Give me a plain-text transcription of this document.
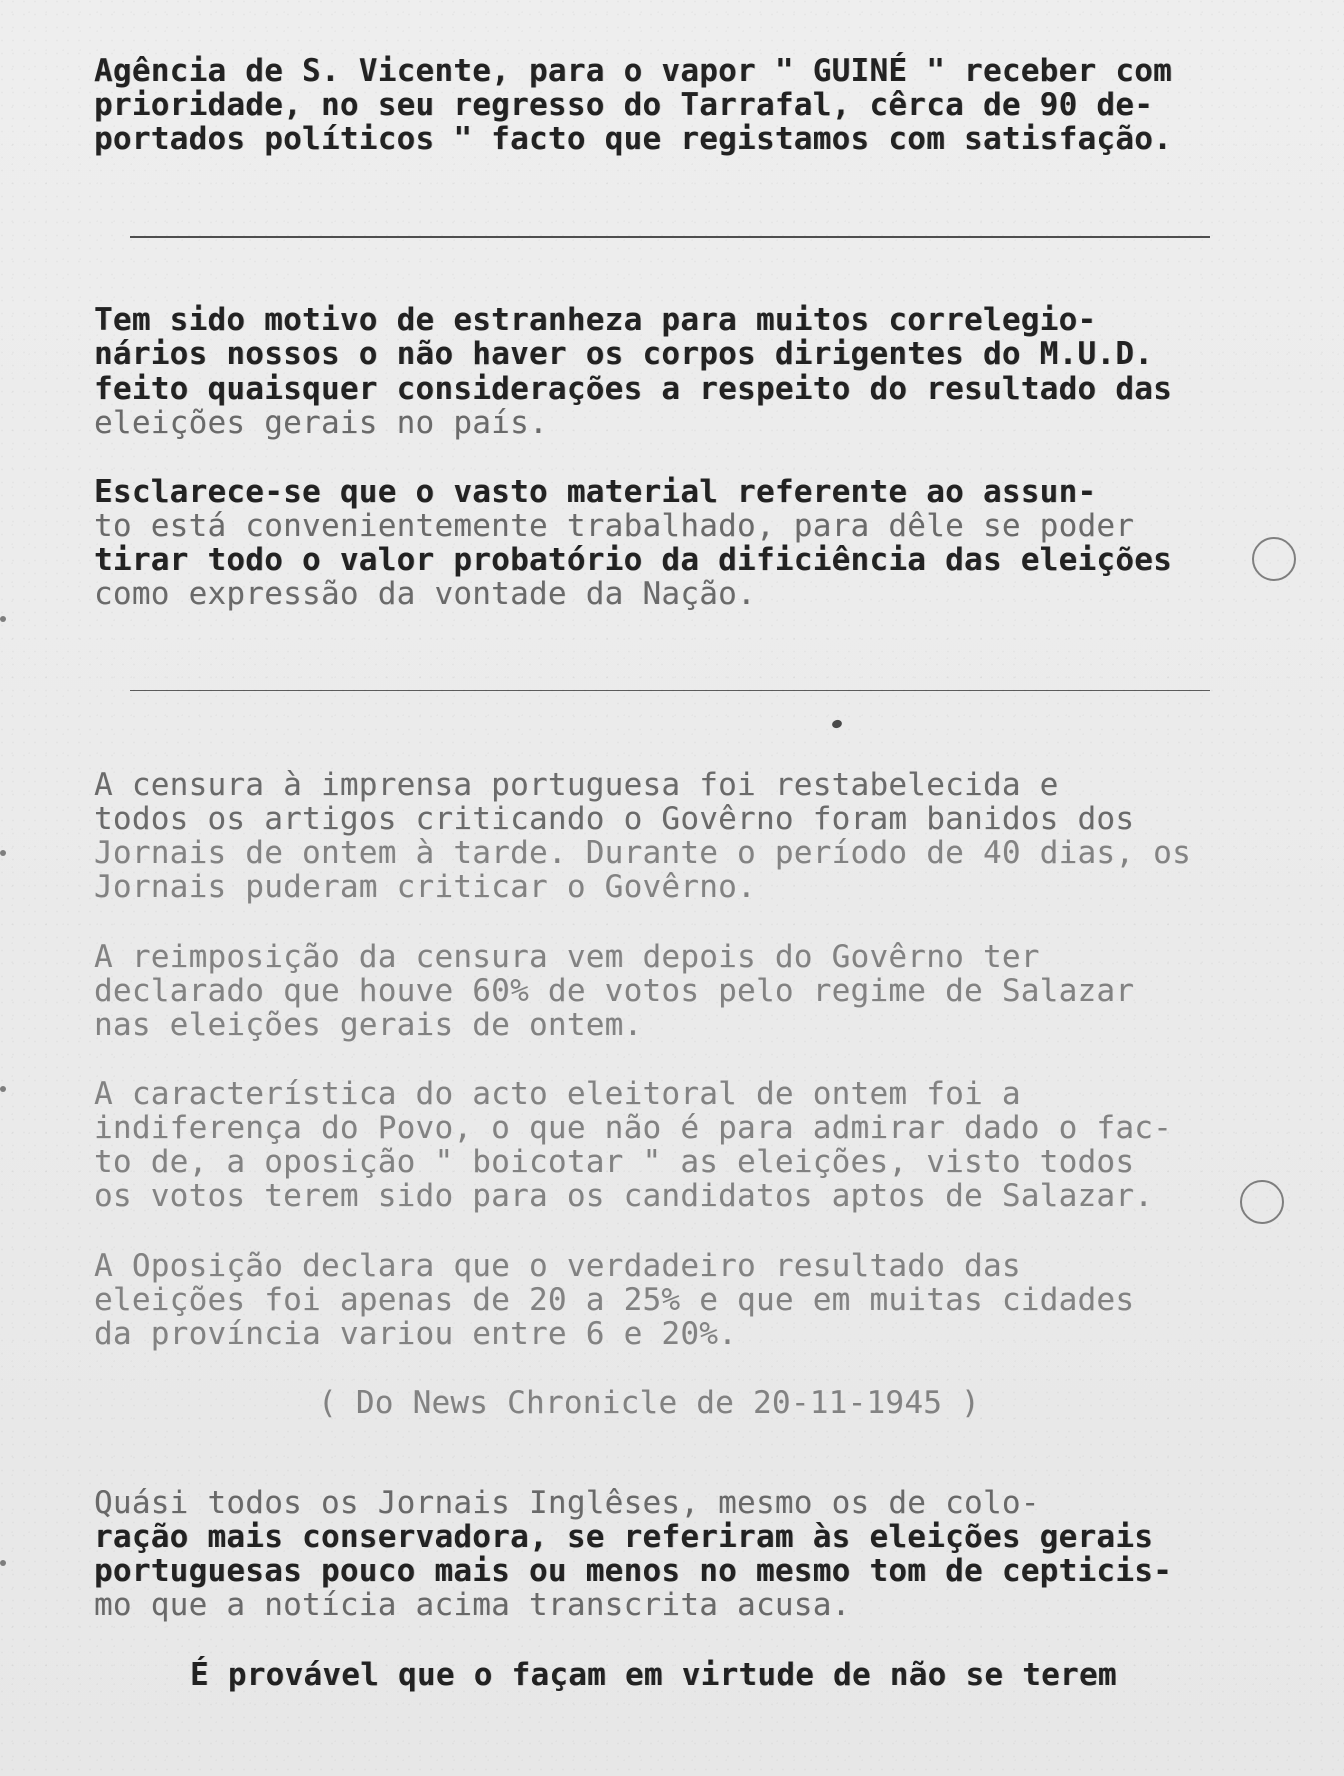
Agência de S. Vicente, para o vapor " GUINÉ " receber com
prioridade, no seu regresso do Tarrafal, cêrca de 90 de-
portados políticos " facto que registamos com satisfação.
Tem sido motivo de estranheza para muitos correlegio-
nários nossos o não haver os corpos dirigentes do M.U.D.
feito quaisquer considerações a respeito do resultado das
eleições gerais no país.
Esclarece-se que o vasto material referente ao assun-
to está convenientemente trabalhado, para dêle se poder
tirar todo o valor probatório da dificiência das eleições
como expressão da vontade da Nação.
A censura à imprensa portuguesa foi restabelecida e
todos os artigos criticando o Govêrno foram banidos dos
Jornais de ontem à tarde. Durante o período de 40 dias, os
Jornais puderam criticar o Govêrno.
A reimposição da censura vem depois do Govêrno ter
declarado que houve 60% de votos pelo regime de Salazar
nas eleições gerais de ontem.
A característica do acto eleitoral de ontem foi a
indiferença do Povo, o que não é para admirar dado o fac-
to de, a oposição " boicotar " as eleições, visto todos
os votos terem sido para os candidatos aptos de Salazar.
A Oposição declara que o verdadeiro resultado das
eleições foi apenas de 20 a 25% e que em muitas cidades
da província variou entre 6 e 20%.
( Do News Chronicle de 20-11-1945 )
Quási todos os Jornais Inglêses, mesmo os de colo-
ração mais conservadora, se referiram às eleições gerais
portuguesas pouco mais ou menos no mesmo tom de cepticis-
mo que a notícia acima transcrita acusa.
É provável que o façam em virtude de não se terem
